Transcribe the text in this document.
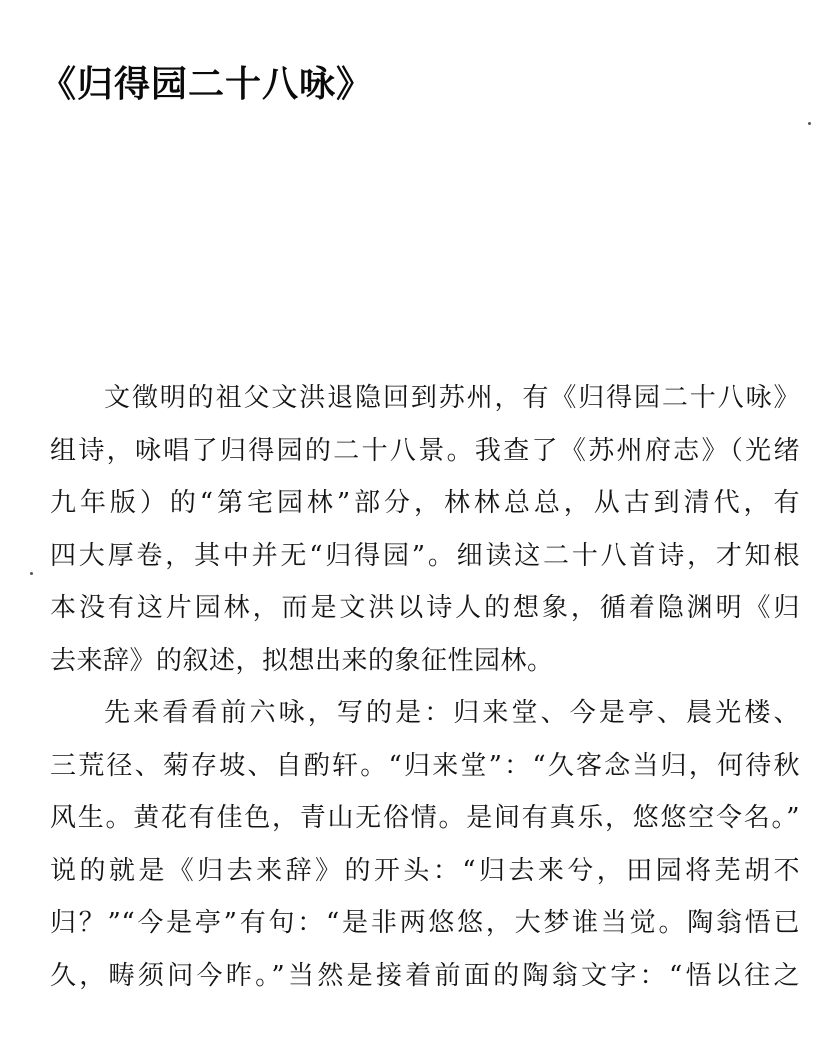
《归得园二十八咏》
文徵明的祖父文洪退隐回到苏州，有《归得园二十八咏》
组诗，咏唱了归得园的二十八景。我查了《苏州府志》（光绪
九年版）的“第宅园林”部分，林林总总，从古到清代，有
四大厚卷，其中并无“归得园”。细读这二十八首诗，才知根
本没有这片园林，而是文洪以诗人的想象，循着隐渊明《归
去来辞》的叙述，拟想出来的象征性园林。
先来看看前六咏，写的是：归来堂、今是亭、晨光楼、
三荒径、菊存坡、自酌轩。“归来堂”：“久客念当归，何待秋
风生。黄花有佳色，青山无俗情。是间有真乐，悠悠空令名。”
说的就是《归去来辞》的开头：“归去来兮，田园将芜胡不
归？”“今是亭”有句：“是非两悠悠，大梦谁当觉。陶翁悟已
久，畴须问今昨。”当然是接着前面的陶翁文字：“悟以往之
